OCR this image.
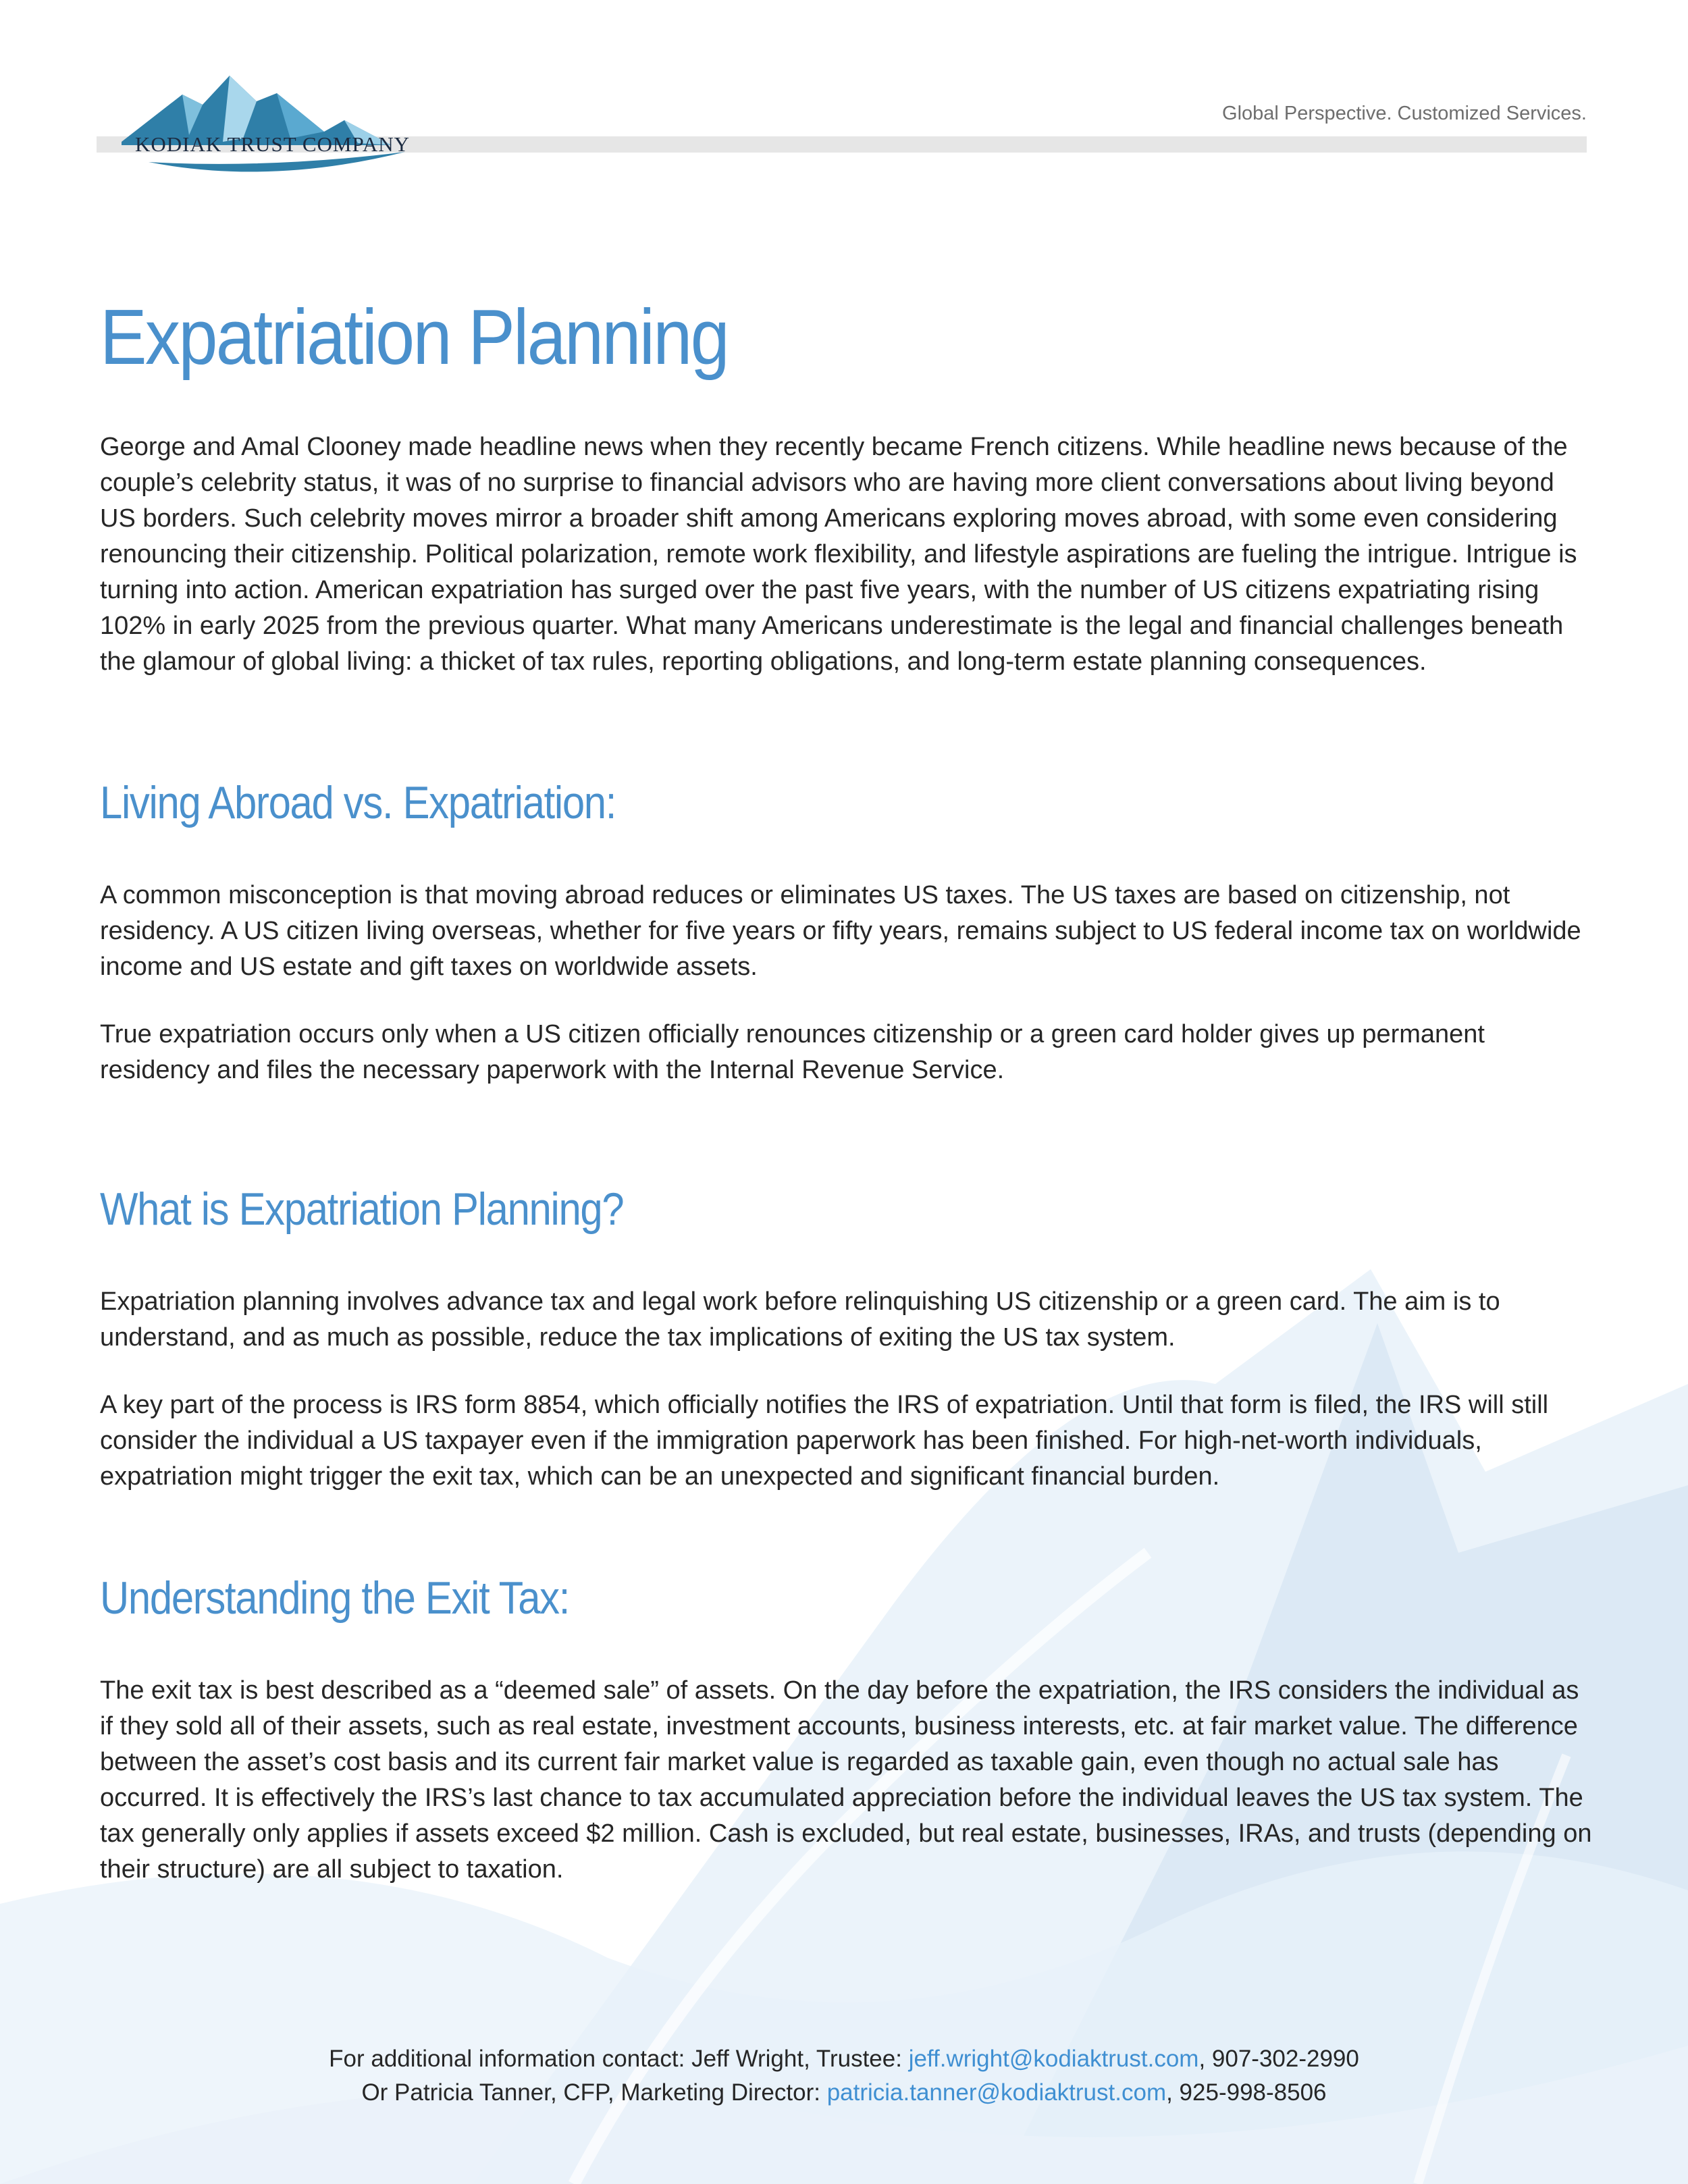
KODIAK TRUST COMPANY
Global Perspective. Customized Services.
Expatriation Planning

George and Amal Clooney made headline news when they recently became French citizens. While headline news because of the couple’s celebrity status, it was of no surprise to financial advisors who are having more client conversations about living beyond US borders. Such celebrity moves mirror a broader shift among Americans exploring moves abroad, with some even considering renouncing their citizenship. Political polarization, remote work flexibility, and lifestyle aspirations are fueling the intrigue. Intrigue is turning into action. American expatriation has surged over the past five years, with the number of US citizens expatriating rising 102% in early 2025 from the previous quarter. What many Americans underestimate is the legal and financial challenges beneath the glamour of global living: a thicket of tax rules, reporting obligations, and long-term estate planning consequences.

Living Abroad vs. Expatriation:

A common misconception is that moving abroad reduces or eliminates US taxes. The US taxes are based on citizenship, not residency. A US citizen living overseas, whether for five years or fifty years, remains subject to US federal income tax on worldwide income and US estate and gift taxes on worldwide assets.

True expatriation occurs only when a US citizen officially renounces citizenship or a green card holder gives up permanent residency and files the necessary paperwork with the Internal Revenue Service.

What is Expatriation Planning?

Expatriation planning involves advance tax and legal work before relinquishing US citizenship or a green card. The aim is to understand, and as much as possible, reduce the tax implications of exiting the US tax system.

A key part of the process is IRS form 8854, which officially notifies the IRS of expatriation. Until that form is filed, the IRS will still consider the individual a US taxpayer even if the immigration paperwork has been finished. For high-net-worth individuals, expatriation might trigger the exit tax, which can be an unexpected and significant financial burden.

Understanding the Exit Tax:

The exit tax is best described as a “deemed sale” of assets. On the day before the expatriation, the IRS considers the individual as if they sold all of their assets, such as real estate, investment accounts, business interests, etc. at fair market value. The difference between the asset’s cost basis and its current fair market value is regarded as taxable gain, even though no actual sale has occurred. It is effectively the IRS’s last chance to tax accumulated appreciation before the individual leaves the US tax system. The tax generally only applies if assets exceed $2 million. Cash is excluded, but real estate, businesses, IRAs, and trusts (depending on their structure) are all subject to taxation.

For additional information contact: Jeff Wright, Trustee: jeff.wright@kodiaktrust.com, 907-302-2990
Or Patricia Tanner, CFP, Marketing Director: patricia.tanner@kodiaktrust.com, 925-998-8506
